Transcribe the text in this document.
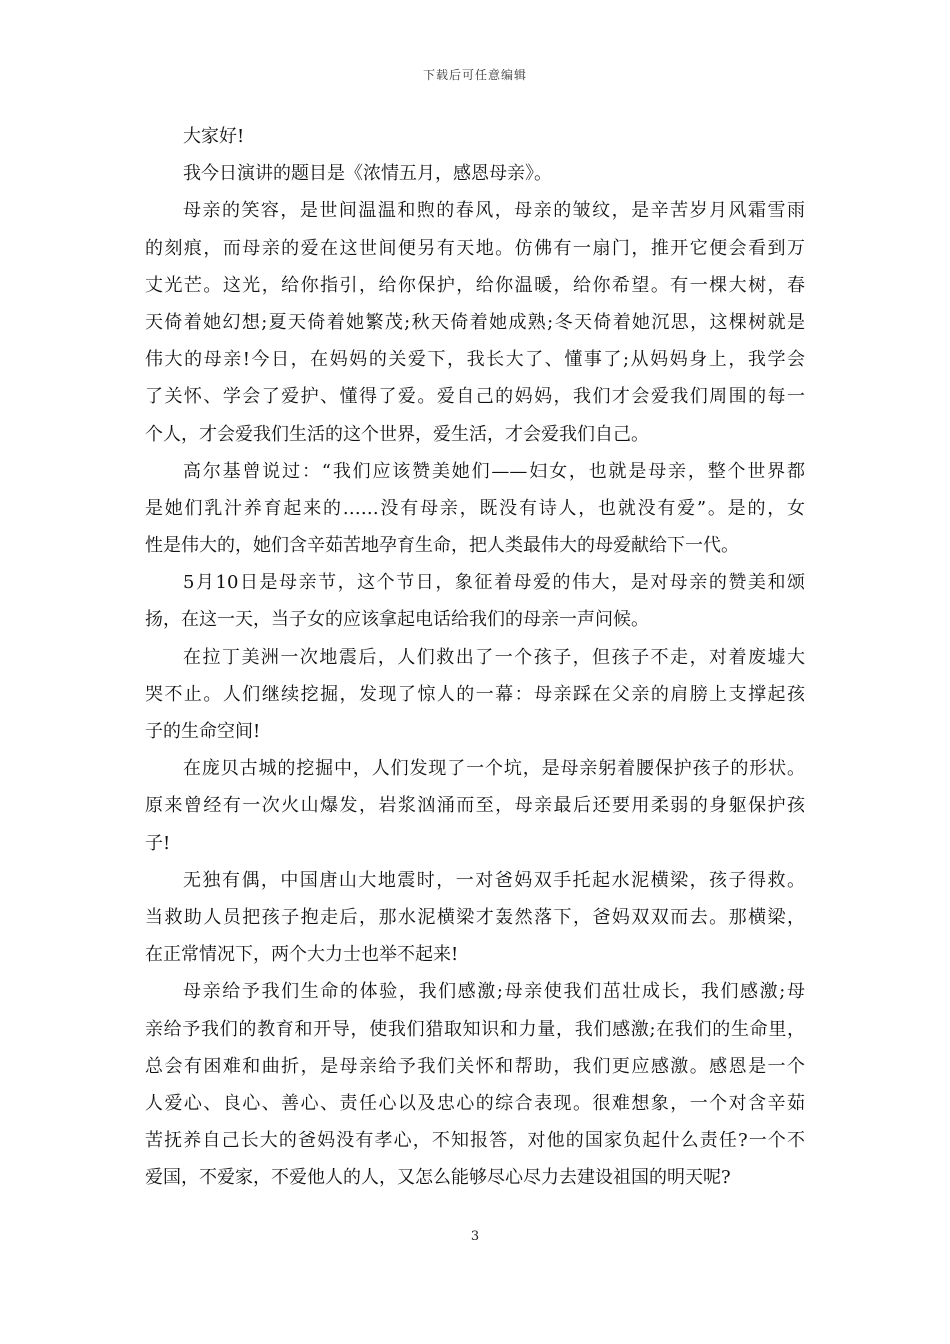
下载后可任意编辑
大家好!
我今日演讲的题目是《浓情五月，感恩母亲》。
母亲的笑容，是世间温温和煦的春风，母亲的皱纹，是辛苦岁月风霜雪雨
的刻痕，而母亲的爱在这世间便另有天地。仿佛有一扇门，推开它便会看到万
丈光芒。这光，给你指引，给你保护，给你温暖，给你希望。有一棵大树，春
天倚着她幻想;夏天倚着她繁茂;秋天倚着她成熟;冬天倚着她沉思，这棵树就是
伟大的母亲!今日，在妈妈的关爱下，我长大了、懂事了;从妈妈身上，我学会
了关怀、学会了爱护、懂得了爱。爱自己的妈妈，我们才会爱我们周围的每一
个人，才会爱我们生活的这个世界，爱生活，才会爱我们自己。
高尔基曾说过：“我们应该赞美她们——妇女，也就是母亲，整个世界都
是她们乳汁养育起来的……没有母亲，既没有诗人，也就没有爱”。是的，女
性是伟大的，她们含辛茹苦地孕育生命，把人类最伟大的母爱献给下一代。
5月10日是母亲节，这个节日，象征着母爱的伟大，是对母亲的赞美和颂
扬，在这一天，当子女的应该拿起电话给我们的母亲一声问候。
在拉丁美洲一次地震后，人们救出了一个孩子，但孩子不走，对着废墟大
哭不止。人们继续挖掘，发现了惊人的一幕：母亲踩在父亲的肩膀上支撑起孩
子的生命空间!
在庞贝古城的挖掘中，人们发现了一个坑，是母亲躬着腰保护孩子的形状。
原来曾经有一次火山爆发，岩浆汹涌而至，母亲最后还要用柔弱的身躯保护孩
子!
无独有偶，中国唐山大地震时，一对爸妈双手托起水泥横梁，孩子得救。
当救助人员把孩子抱走后，那水泥横梁才轰然落下，爸妈双双而去。那横梁，
在正常情况下，两个大力士也举不起来!
母亲给予我们生命的体验，我们感激;母亲使我们茁壮成长，我们感激;母
亲给予我们的教育和开导，使我们猎取知识和力量，我们感激;在我们的生命里，
总会有困难和曲折，是母亲给予我们关怀和帮助，我们更应感激。感恩是一个
人爱心、良心、善心、责任心以及忠心的综合表现。很难想象，一个对含辛茹
苦抚养自己长大的爸妈没有孝心，不知报答，对他的国家负起什么责任?一个不
爱国，不爱家，不爱他人的人，又怎么能够尽心尽力去建设祖国的明天呢?
3
